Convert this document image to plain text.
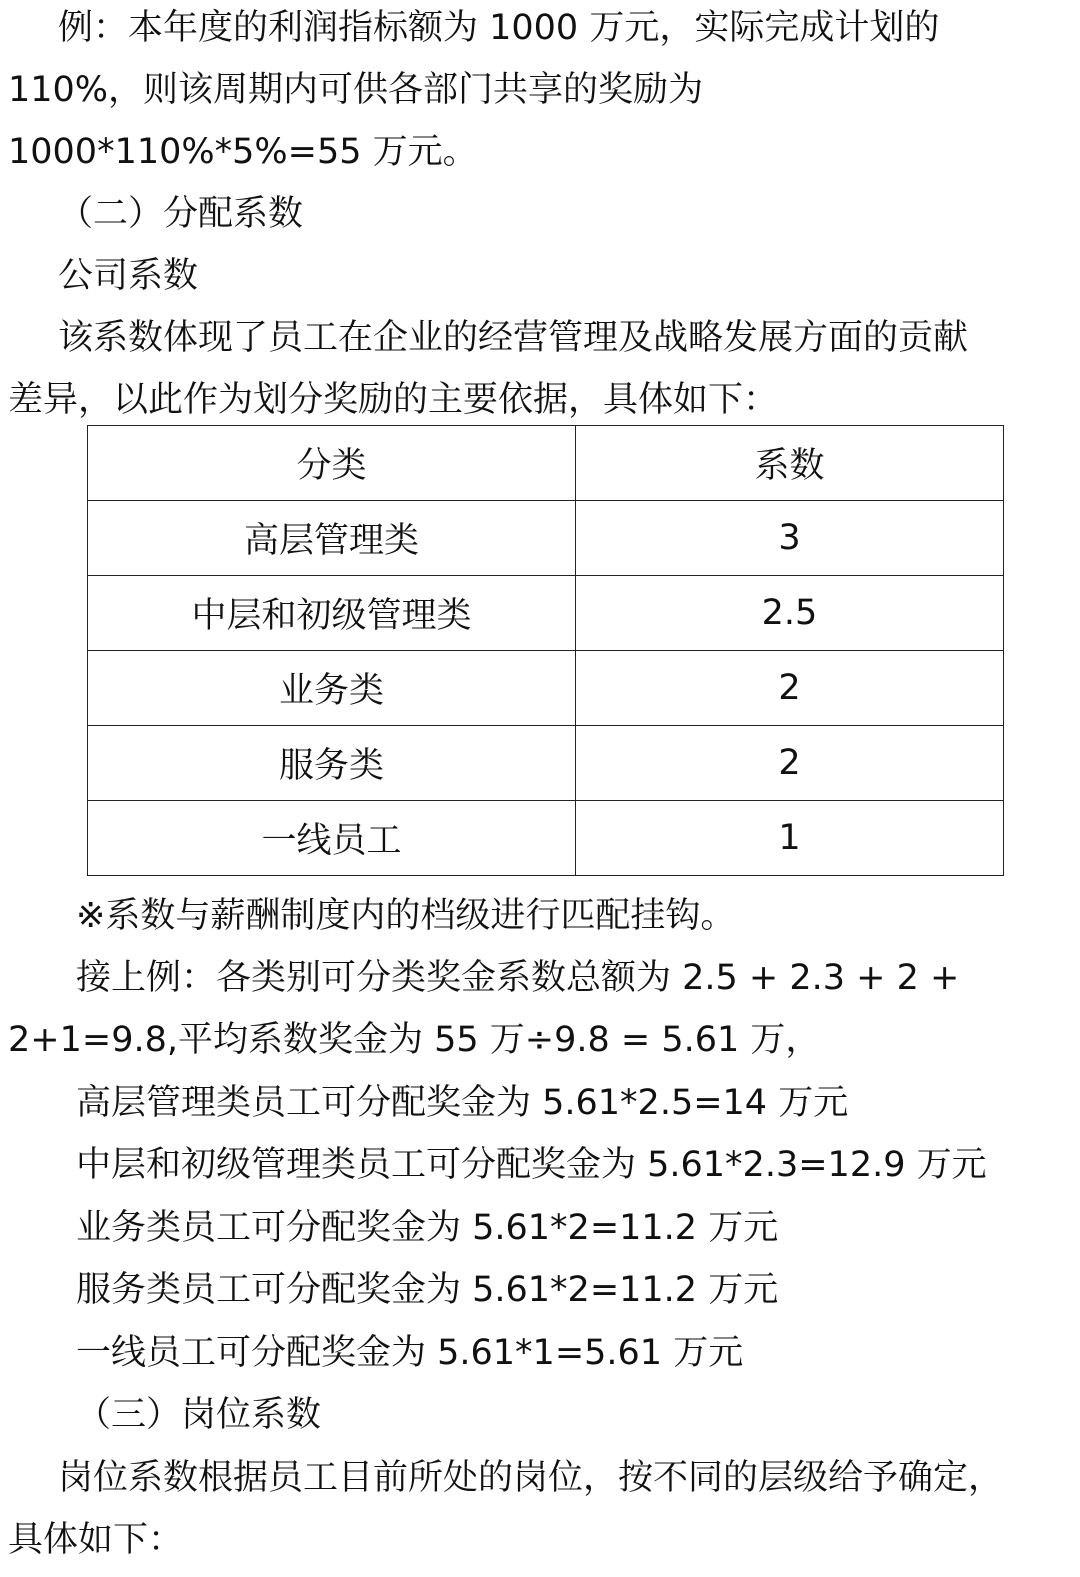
例：本年度的利润指标额为 1000 万元，实际完成计划的
110%，则该周期内可供各部门共享的奖励为
1000*110%*5%=55 万元。
（二）分配系数
公司系数
该系数体现了员工在企业的经营管理及战略发展方面的贡献
差异，以此作为划分奖励的主要依据，具体如下：
分类	系数
高层管理类	3
中层和初级管理类	2.5
业务类	2
服务类	2
一线员工	1
※系数与薪酬制度内的档级进行匹配挂钩。
接上例：各类别可分类奖金系数总额为 2.5 + 2.3 + 2 +
2+1=9.8,平均系数奖金为 55 万÷9.8 = 5.61 万，
高层管理类员工可分配奖金为 5.61*2.5=14 万元
中层和初级管理类员工可分配奖金为 5.61*2.3=12.9 万元
业务类员工可分配奖金为 5.61*2=11.2 万元
服务类员工可分配奖金为 5.61*2=11.2 万元
一线员工可分配奖金为 5.61*1=5.61 万元
（三）岗位系数
岗位系数根据员工目前所处的岗位，按不同的层级给予确定，
具体如下：
